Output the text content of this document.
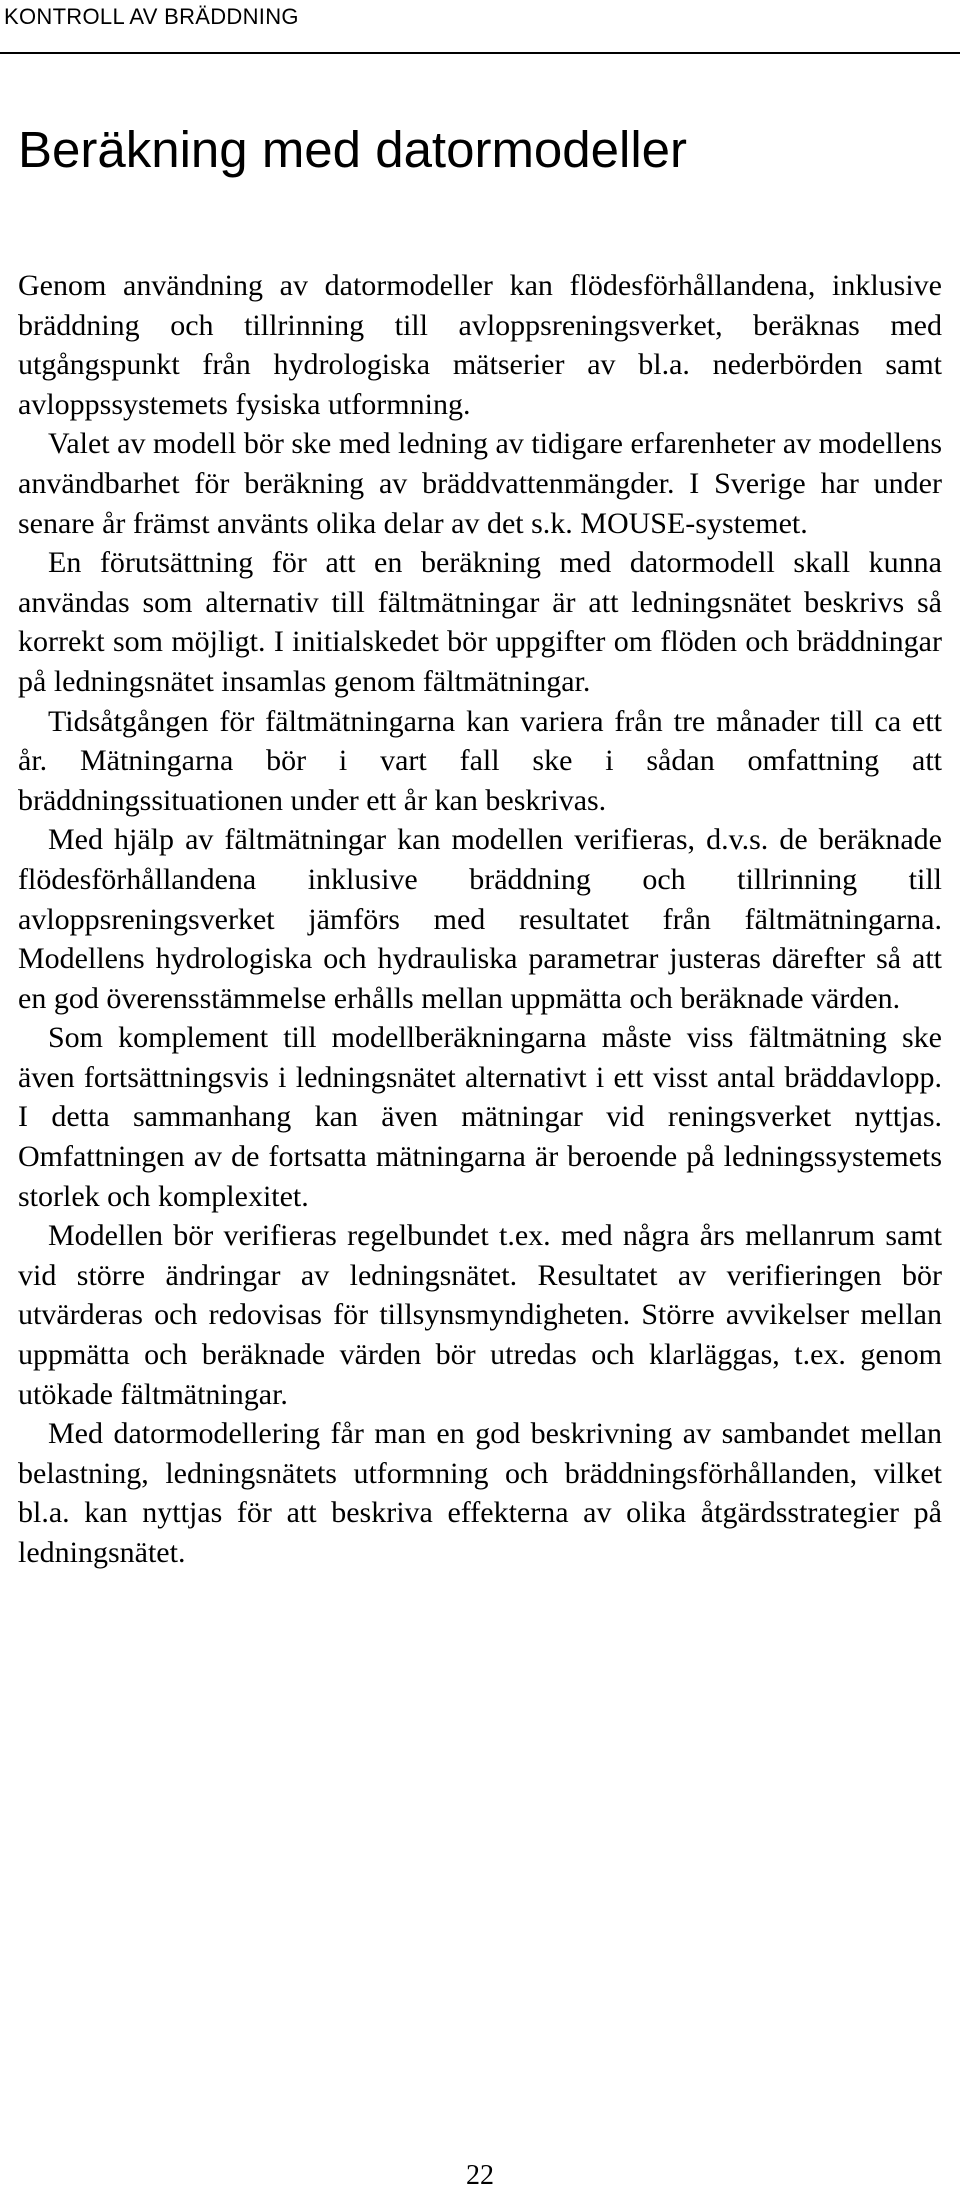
KONTROLL AV BRÄDDNING
Beräkning med datormodeller

Genom användning av datormodeller kan flödesförhållandena, inklusive bräddning och tillrinning till avloppsreningsverket, beräknas med utgångspunkt från hydrologiska mätserier av bl.a. nederbörden samt avloppssystemets fysiska utformning.

Valet av modell bör ske med ledning av tidigare erfarenheter av modellens användbarhet för beräkning av bräddvattenmängder. I Sverige har under senare år främst använts olika delar av det s.k. MOUSE-systemet.

En förutsättning för att en beräkning med datormodell skall kunna användas som alternativ till fältmätningar är att ledningsnätet beskrivs så korrekt som möjligt. I initialskedet bör uppgifter om flöden och bräddningar på ledningsnätet insamlas genom fältmätningar.

Tidsåtgången för fältmätningarna kan variera från tre månader till ca ett år. Mätningarna bör i vart fall ske i sådan omfattning att bräddningssituationen under ett år kan beskrivas.

Med hjälp av fältmätningar kan modellen verifieras, d.v.s. de beräknade flödesförhållandena inklusive bräddning och tillrinning till avloppsreningsverket jämförs med resultatet från fältmätningarna. Modellens hydrologiska och hydrauliska parametrar justeras därefter så att en god överensstämmelse erhålls mellan uppmätta och beräknade värden.

Som komplement till modellberäkningarna måste viss fältmätning ske även fortsättningsvis i ledningsnätet alternativt i ett visst antal bräddavlopp. I detta sammanhang kan även mätningar vid reningsverket nyttjas. Omfattningen av de fortsatta mätningarna är beroende på ledningssystemets storlek och komplexitet.

Modellen bör verifieras regelbundet t.ex. med några års mellanrum samt vid större ändringar av ledningsnätet. Resultatet av verifieringen bör utvärderas och redovisas för tillsynsmyndigheten. Större avvikelser mellan uppmätta och beräknade värden bör utredas och klarläggas, t.ex. genom utökade fältmätningar.

Med datormodellering får man en god beskrivning av sambandet mellan belastning, ledningsnätets utformning och bräddningsförhållanden, vilket bl.a. kan nyttjas för att beskriva effekterna av olika åtgärdsstrategier på ledningsnätet.

22
